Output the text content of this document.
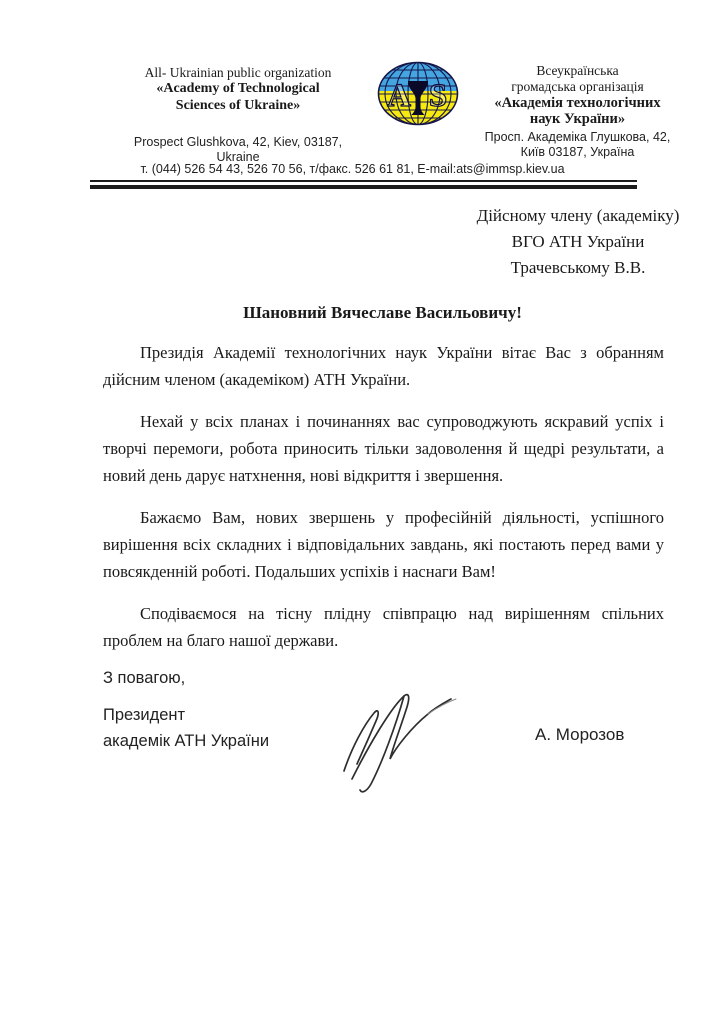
All- Ukrainian public organization
«Academy of Technological
Sciences of Ukraine»
Prospect Glushkova, 42, Kiev, 03187,
Ukraine
A S
Всеукраїнська
громадська організація
«Академія технологічних
наук України»
Просп. Академіка Глушкова, 42,
Київ 03187, Україна
т. (044) 526 54 43, 526 70 56, т/факс. 526 61 81, E-mail:ats@immsp.kiev.ua
Дійсному члену (академіку)
ВГО АТН України
Трачевському В.В.
Шановний Вячеславе Васильовичу!

Президія Академії технологічних наук України вітає Вас з обранням дійсним членом (академіком) АТН України.

Нехай у всіх планах і починаннях вас супроводжують яскравий успіх і творчі перемоги, робота приносить тільки задоволення й щедрі результати, а новий день дарує натхнення, нові відкриття і звершення.

Бажаємо Вам, нових звершень у професійній діяльності, успішного вирішення всіх складних і відповідальних завдань, які постають перед вами у повсякденній роботі. Подальших успіхів і наснаги Вам!

Сподіваємося на тісну плідну співпрацю над вирішенням спільних проблем на благо нашої держави.

З повагою,
Президент
академік АТН України	А. Морозов
